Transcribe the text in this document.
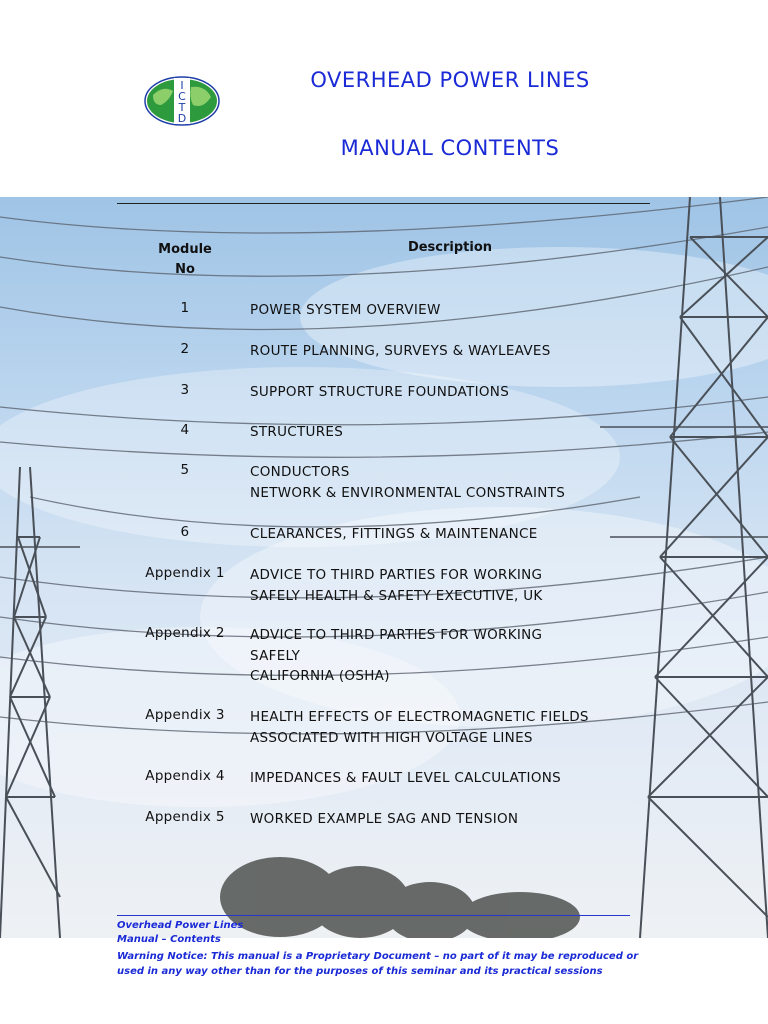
I
C
T
D
OVERHEAD POWER LINES
MANUAL CONTENTS
Module
No
Description
1	POWER SYSTEM OVERVIEW
2	ROUTE PLANNING, SURVEYS & WAYLEAVES
3	SUPPORT STRUCTURE FOUNDATIONS
4	STRUCTURES
5	CONDUCTORS
NETWORK & ENVIRONMENTAL CONSTRAINTS
6	CLEARANCES, FITTINGS & MAINTENANCE
Appendix 1	ADVICE TO THIRD PARTIES FOR WORKING
SAFELY HEALTH & SAFETY EXECUTIVE, UK
Appendix 2	ADVICE TO THIRD PARTIES FOR WORKING
SAFELY
CALIFORNIA (OSHA)
Appendix 3	HEALTH EFFECTS OF ELECTROMAGNETIC FIELDS
ASSOCIATED WITH HIGH VOLTAGE LINES
Appendix 4	IMPEDANCES & FAULT LEVEL CALCULATIONS
Appendix 5	WORKED EXAMPLE SAG AND TENSION
Overhead Power Lines
Manual – Contents
Warning Notice: This manual is a Proprietary Document – no part of it may be reproduced or
used in any way other than for the purposes of this seminar and its practical sessions
